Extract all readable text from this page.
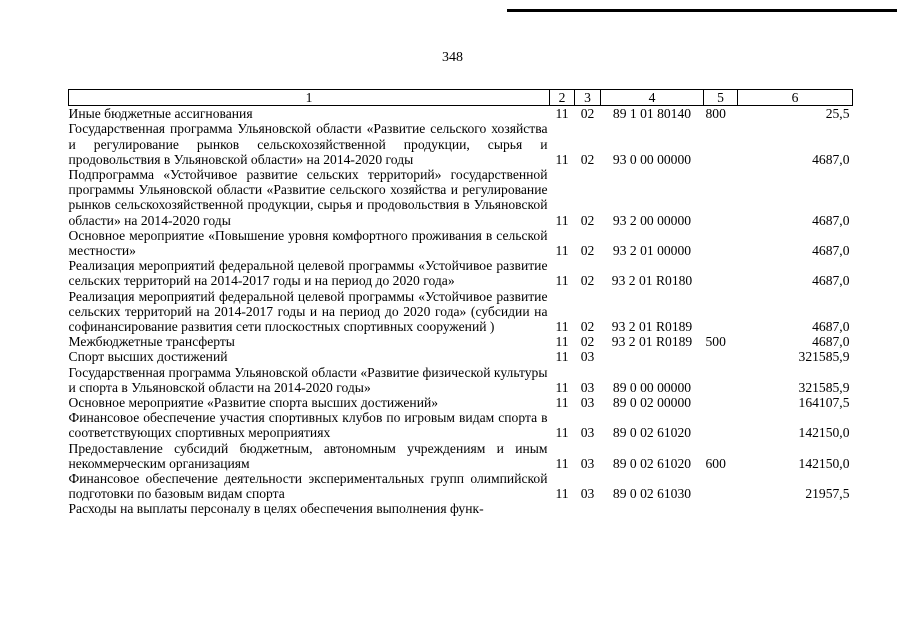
348
1	2	3	4	5	6
Иные бюджетные ассигнования	11	02	89 1 01 80140	800	25,5
Государственная программа Ульяновской области «Развитие сельского хозяйства и регулирование рынков сельскохозяйственной продукции, сырья и продовольствия в Ульяновской области» на 2014-2020 годы	11	02	93 0 00 00000		4687,0
Подпрограмма «Устойчивое развитие сельских территорий» государственной программы Ульяновской области «Развитие сельского хозяйства и регулирование рынков сельскохозяйственной продукции, сырья и продовольствия в Ульяновской области» на 2014-2020 годы	11	02	93 2 00 00000		4687,0
Основное мероприятие «Повышение уровня комфортного проживания в сельской местности»	11	02	93 2 01 00000		4687,0
Реализация мероприятий федеральной целевой программы «Устойчивое развитие сельских территорий на 2014-2017 годы и на период до 2020 года»	11	02	93 2 01 R0180		4687,0
Реализация мероприятий федеральной целевой программы «Устойчивое развитие сельских территорий на 2014-2017 годы и на период до 2020 года» (субсидии на софинансирование развития сети плоскостных спортивных сооружений )	11	02	93 2 01 R0189		4687,0
Межбюджетные трансферты	11	02	93 2 01 R0189	500	4687,0
Спорт высших достижений	11	03			321585,9
Государственная программа Ульяновской области «Развитие физической культуры и спорта в Ульяновской области на 2014-2020 годы»	11	03	89 0 00 00000		321585,9
Основное мероприятие «Развитие спорта высших достижений»	11	03	89 0 02 00000		164107,5
Финансовое обеспечение участия спортивных клубов по игровым видам спорта в соответствующих спортивных мероприятиях	11	03	89 0 02 61020		142150,0
Предоставление субсидий бюджетным, автономным учреждениям и иным некоммерческим организациям	11	03	89 0 02 61020	600	142150,0
Финансовое обеспечение деятельности экспериментальных групп олимпийской подготовки по базовым видам спорта	11	03	89 0 02 61030		21957,5
Расходы на выплаты персоналу в целях обеспечения выполнения функ-					
